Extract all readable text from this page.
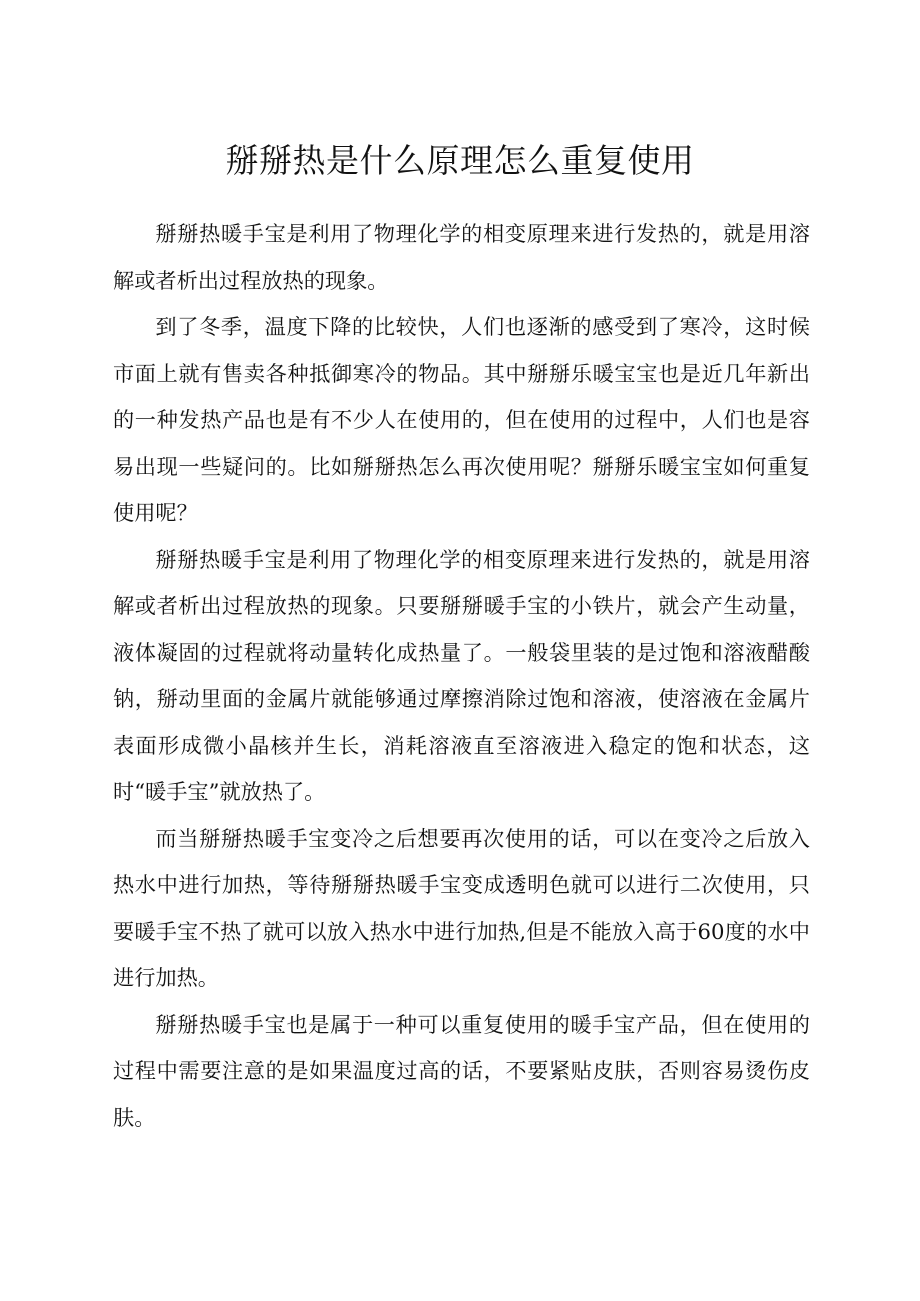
掰掰热是什么原理怎么重复使用

掰掰热暖手宝是利用了物理化学的相变原理来进行发热的，就是用溶解或者析出过程放热的现象。

到了冬季，温度下降的比较快，人们也逐渐的感受到了寒冷，这时候市面上就有售卖各种抵御寒冷的物品。其中掰掰乐暖宝宝也是近几年新出的一种发热产品也是有不少人在使用的，但在使用的过程中，人们也是容易出现一些疑问的。比如掰掰热怎么再次使用呢？掰掰乐暖宝宝如何重复使用呢？

掰掰热暖手宝是利用了物理化学的相变原理来进行发热的，就是用溶解或者析出过程放热的现象。只要掰掰暖手宝的小铁片，就会产生动量，液体凝固的过程就将动量转化成热量了。一般袋里装的是过饱和溶液醋酸钠，掰动里面的金属片就能够通过摩擦消除过饱和溶液，使溶液在金属片表面形成微小晶核并生长，消耗溶液直至溶液进入稳定的饱和状态，这时“暖手宝”就放热了。

而当掰掰热暖手宝变冷之后想要再次使用的话，可以在变冷之后放入热水中进行加热，等待掰掰热暖手宝变成透明色就可以进行二次使用，只要暖手宝不热了就可以放入热水中进行加热,但是不能放入高于60度的水中进行加热。

掰掰热暖手宝也是属于一种可以重复使用的暖手宝产品，但在使用的过程中需要注意的是如果温度过高的话，不要紧贴皮肤，否则容易烫伤皮肤。
